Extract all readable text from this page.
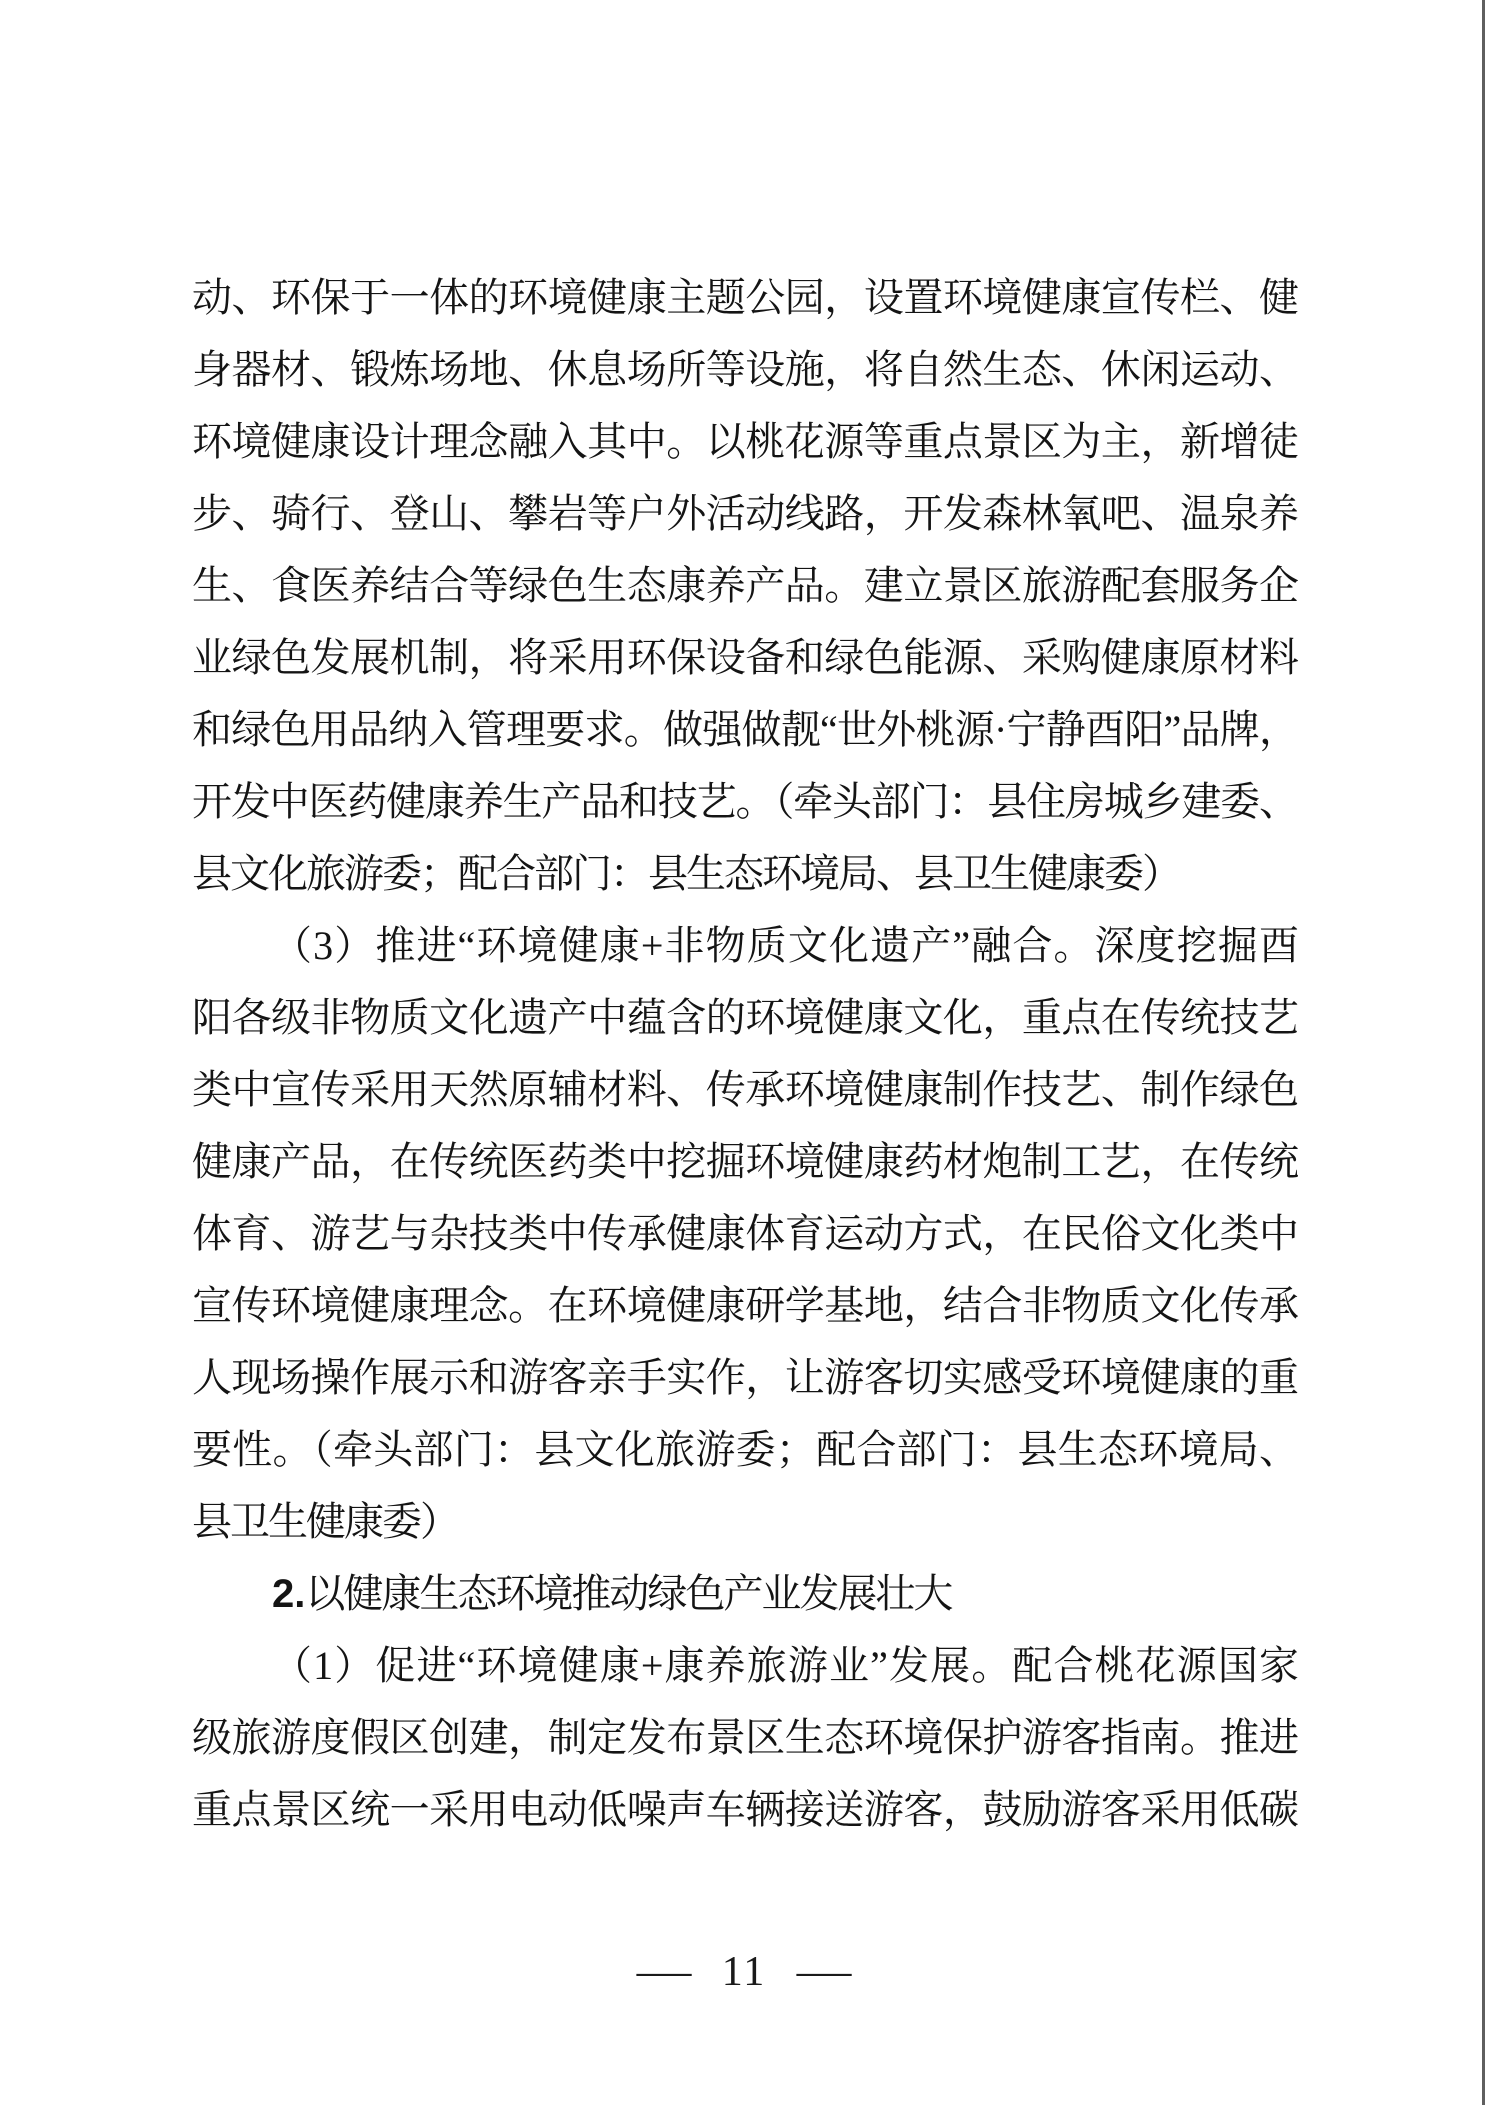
动、环保于一体的环境健康主题公园，设置环境健康宣传栏、健
身器材、锻炼场地、休息场所等设施，将自然生态、休闲运动、
环境健康设计理念融入其中。以桃花源等重点景区为主，新增徒
步、骑行、登山、攀岩等户外活动线路，开发森林氧吧、温泉养
生、食医养结合等绿色生态康养产品。建立景区旅游配套服务企
业绿色发展机制，将采用环保设备和绿色能源、采购健康原材料
和绿色用品纳入管理要求。做强做靓“世外桃源·宁静酉阳”品牌，
开发中医药健康养生产品和技艺。（牵头部门：县住房城乡建委、
县文化旅游委；配合部门：县生态环境局、县卫生健康委）
（3）推进“环境健康+非物质文化遗产”融合。深度挖掘酉
阳各级非物质文化遗产中蕴含的环境健康文化，重点在传统技艺
类中宣传采用天然原辅材料、传承环境健康制作技艺、制作绿色
健康产品，在传统医药类中挖掘环境健康药材炮制工艺，在传统
体育、游艺与杂技类中传承健康体育运动方式，在民俗文化类中
宣传环境健康理念。在环境健康研学基地，结合非物质文化传承
人现场操作展示和游客亲手实作，让游客切实感受环境健康的重
要性。（牵头部门：县文化旅游委；配合部门：县生态环境局、
县卫生健康委）
2.以健康生态环境推动绿色产业发展壮大
（1）促进“环境健康+康养旅游业”发展。配合桃花源国家
级旅游度假区创建，制定发布景区生态环境保护游客指南。推进
重点景区统一采用电动低噪声车辆接送游客，鼓励游客采用低碳
— 11 —
